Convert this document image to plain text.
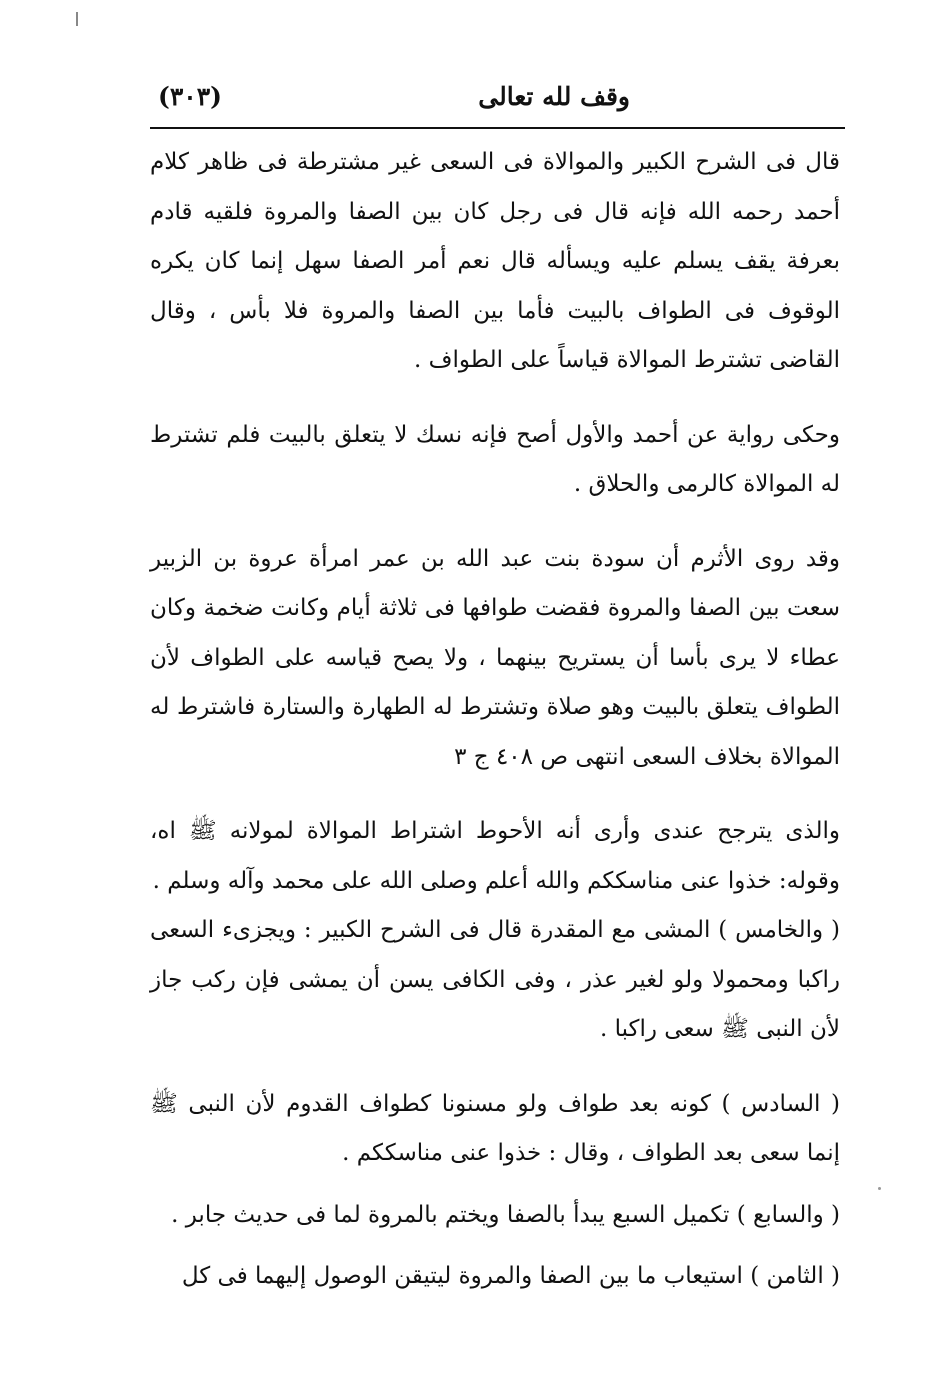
وقف لله تعالى
(٣٠٣)

قال فى الشرح الكبير والموالاة فى السعى غير مشترطة فى ظاهر كلام أحمد رحمه الله فإنه قال فى رجل كان بين الصفا والمروة فلقيه قادم بعرفة يقف يسلم عليه ويسأله قال نعم أمر الصفا سهل إنما كان يكره الوقوف فى الطواف بالبيت فأما بين الصفا والمروة فلا بأس ، وقال القاضى تشترط الموالاة قياساً على الطواف .

وحكى رواية عن أحمد والأول أصح فإنه نسك لا يتعلق بالبيت فلم تشترط له الموالاة كالرمى والحلاق .

وقد روى الأثرم أن سودة بنت عبد الله بن عمر امرأة عروة بن الزبير سعت بين الصفا والمروة فقضت طوافها فى ثلاثة أيام وكانت ضخمة وكان عطاء لا يرى بأسا أن يستريح بينهما ، ولا يصح قياسه على الطواف لأن الطواف يتعلق بالبيت وهو صلاة وتشترط له الطهارة والستارة فاشترط له الموالاة بخلاف السعى انتهى ص ٤٠٨ ج ٣

والذى يترجح عندى وأرى أنه الأحوط اشتراط الموالاة لمولانه ﷺ اه، وقوله: خذوا عنى مناسككم والله أعلم وصلى الله على محمد وآله وسلم .

( والخامس ) المشى مع المقدرة قال فى الشرح الكبير : ويجزىء السعى راكبا ومحمولا ولو لغير عذر ، وفى الكافى يسن أن يمشى فإن ركب جاز لأن النبى ﷺ سعى راكبا .

( السادس ) كونه بعد طواف ولو مسنونا كطواف القدوم لأن النبى ﷺ إنما سعى بعد الطواف ، وقال : خذوا عنى مناسككم .

( والسابع ) تكميل السبع يبدأ بالصفا ويختم بالمروة لما فى حديث جابر .

( الثامن ) استيعاب ما بين الصفا والمروة ليتيقن الوصول إليهما فى كل
